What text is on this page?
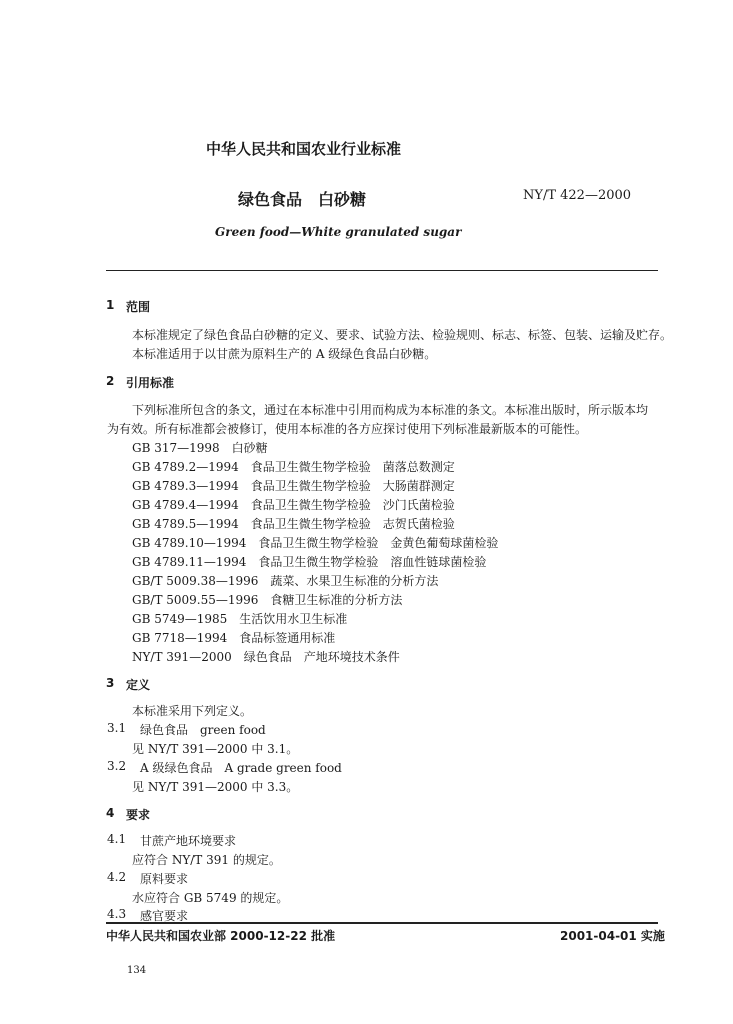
中华人民共和国农业行业标准
绿色食品　白砂糖	NY/T 422—2000
Green food—White granulated sugar
1 范围
本标准规定了绿色食品白砂糖的定义、要求、试验方法、检验规则、标志、标签、包装、运输及贮存。
本标准适用于以甘蔗为原料生产的 A 级绿色食品白砂糖。
2 引用标准
下列标准所包含的条文，通过在本标准中引用而构成为本标准的条文。本标准出版时，所示版本均
为有效。所有标准都会被修订，使用本标准的各方应探讨使用下列标准最新版本的可能性。
GB 317—1998　白砂糖
GB 4789.2—1994　食品卫生微生物学检验　菌落总数测定
GB 4789.3—1994　食品卫生微生物学检验　大肠菌群测定
GB 4789.4—1994　食品卫生微生物学检验　沙门氏菌检验
GB 4789.5—1994　食品卫生微生物学检验　志贺氏菌检验
GB 4789.10—1994　食品卫生微生物学检验　金黄色葡萄球菌检验
GB 4789.11—1994　食品卫生微生物学检验　溶血性链球菌检验
GB/T 5009.38—1996　蔬菜、水果卫生标准的分析方法
GB/T 5009.55—1996　食糖卫生标准的分析方法
GB 5749—1985　生活饮用水卫生标准
GB 7718—1994　食品标签通用标准
NY/T 391—2000　绿色食品　产地环境技术条件
3 定义
本标准采用下列定义。
3.1 绿色食品　green food
见 NY/T 391—2000 中 3.1。
3.2 A 级绿色食品　A grade green food
见 NY/T 391—2000 中 3.3。
4 要求
4.1 甘蔗产地环境要求
应符合 NY/T 391 的规定。
4.2 原料要求
水应符合 GB 5749 的规定。
4.3 感官要求
中华人民共和国农业部 2000-12-22 批准	2001-04-01 实施
134
